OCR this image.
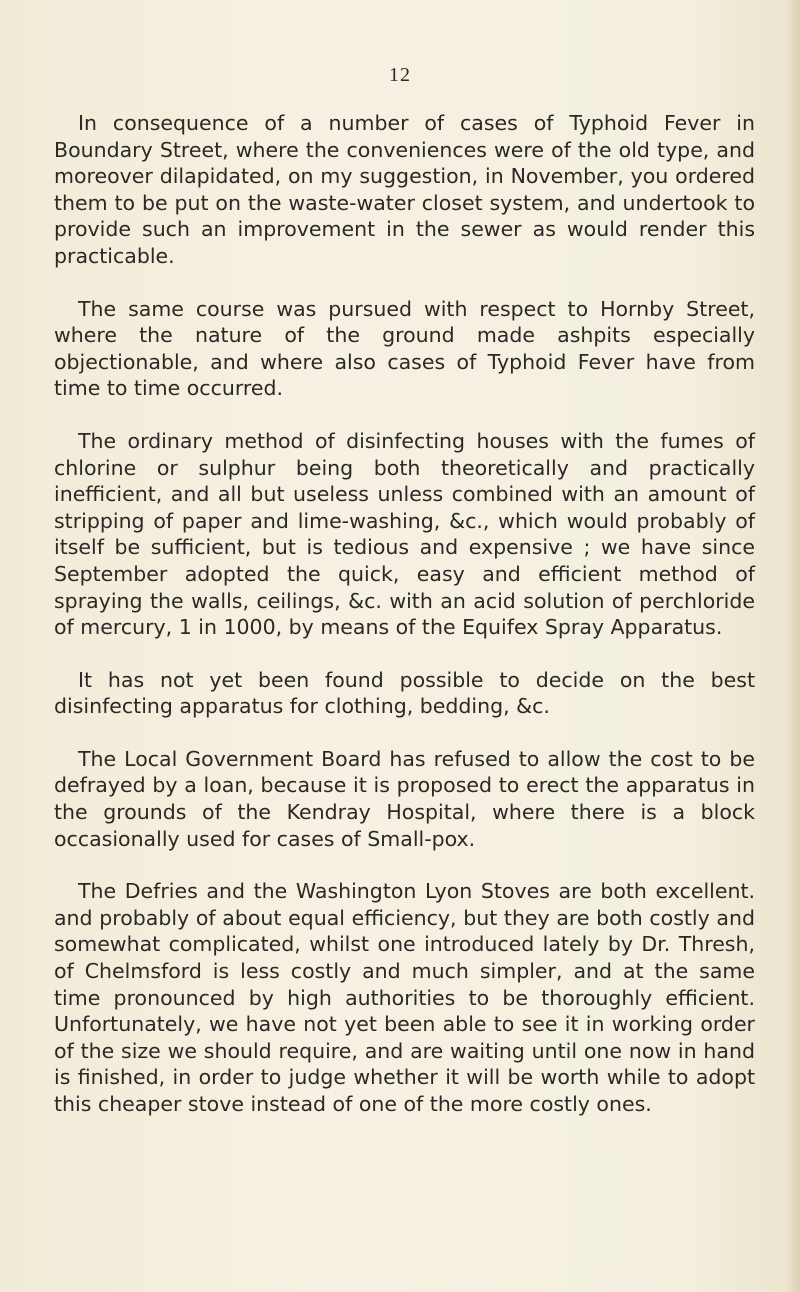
12

In consequence of a number of cases of Typhoid Fever in Boundary Street, where the conveniences were of the old type, and moreover dilapidated, on my suggestion, in November, you ordered them to be put on the waste-water closet system, and undertook to provide such an improvement in the sewer as would render this practicable.

The same course was pursued with respect to Hornby Street, where the nature of the ground made ashpits especially objectionable, and where also cases of Typhoid Fever have from time to time occurred.

The ordinary method of disinfecting houses with the fumes of chlorine or sulphur being both theoretically and practically inefficient, and all but useless unless combined with an amount of stripping of paper and lime-washing, &c., which would probably of itself be sufficient, but is tedious and expensive ; we have since September adopted the quick, easy and efficient method of spraying the walls, ceilings, &c. with an acid solution of perchloride of mercury, 1 in 1000, by means of the Equifex Spray Apparatus.

It has not yet been found possible to decide on the best disinfecting apparatus for clothing, bedding, &c.

The Local Government Board has refused to allow the cost to be defrayed by a loan, because it is proposed to erect the apparatus in the grounds of the Kendray Hospital, where there is a block occasionally used for cases of Small-pox.

The Defries and the Washington Lyon Stoves are both excellent. and probably of about equal efficiency, but they are both costly and somewhat complicated, whilst one introduced lately by Dr. Thresh, of Chelmsford is less costly and much simpler, and at the same time pronounced by high authorities to be thoroughly efficient. Unfortunately, we have not yet been able to see it in working order of the size we should require, and are waiting until one now in hand is finished, in order to judge whether it will be worth while to adopt this cheaper stove instead of one of the more costly ones.
